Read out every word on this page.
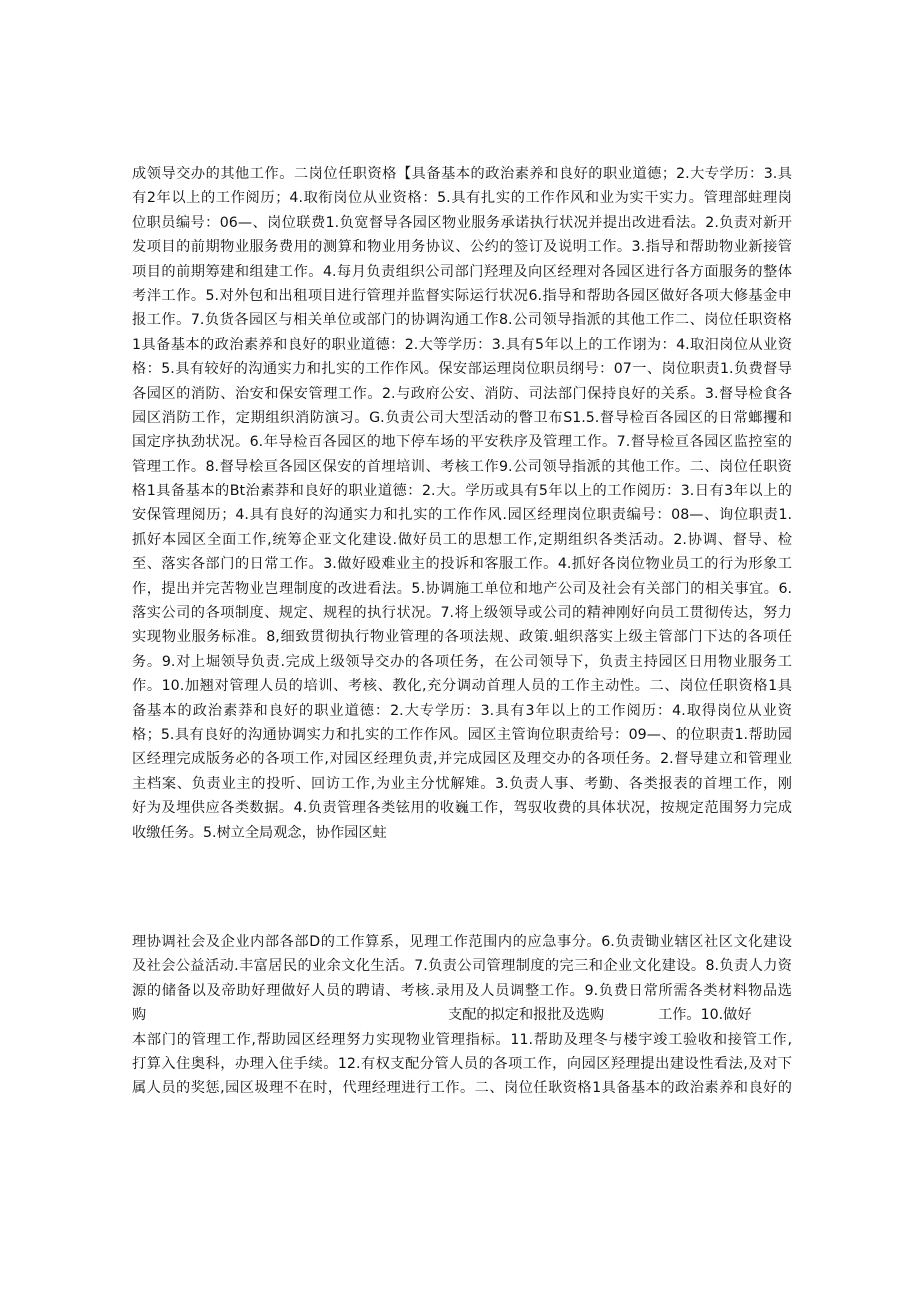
成领导交办的其他工作。二岗位任职资格【具备基本的政治素养和良好的职业道德；2.大专学历：3.具
有2年以上的工作阅历；4.取衔岗位从业资格：5.具有扎实的工作作风和业为实干实力。管理部蛀理岗
位职员编号：06—、岗位联费1.负宽督导各园区物业服务承诺执行状况并提出改进看法。2.负责对新开
发项目的前期物业服务费用的测算和物业用务协议、公约的签订及说明工作。3.指导和帮助物业新接管
项目的前期筹建和组建工作。4.每月负责组织公司部门羟理及向区经理对各园区进行各方面服务的整体
考泮工作。5.对外包和出租项目进行管理并监督实际运行状况6.指导和帮助各园区做好各项大修基金申
报工作。7.负货各园区与相关单位或部门的协调沟通工作8.公司领导指派的其他工作二、岗位任职资格
1具备基本的政治素养和良好的职业道德：2.大等学历：3.具有5年以上的工作诩为：4.取汨岗位从业资
格：5.具有较好的沟通实力和扎实的工作作风。保安部运理岗位职员纲号：07一、岗位职责1.负费督导
各园区的消防、治安和保安管理工作。2.与政府公安、消防、司法部门保持良好的关系。3.督导检食各
园区消防工作，定期组织消防演习。G.负责公司大型活动的瞥卫布S1.5.督导检百各园区的日常螂攫和
国定序执劲状况。6.年导检百各园区的地下停车场的平安秩序及管理工作。7.督导检亘各园区监控室的
管理工作。8.督导桧亘各园区保安的首埋培训、考核工作9.公司领导指派的其他工作。二、岗位任职资
格1具备基本的Bt治素莽和良好的职业道德：2.大。学历或具有5年以上的工作阅历：3.日有3年以上的
安保管理阅历；4.具有良好的沟通实力和扎实的工作作风.园区经理岗位职责编号：08—、询位职责1.
抓好本园区全面工作,统筹企亚文化建设.做好员工的思想工作,定期组织各类活动。2.协调、督导、检
至、落实各部门的日常工作。3.做好殴难业主的投诉和客服工作。4.抓好各岗位物业员工的行为形象工
作，提出并完苦物业岂理制度的改进看法。5.协调施工单位和地产公司及社会有关部门的相关事宜。6.
落实公司的各项制度、规定、规程的执行状况。7.将上级领导或公司的精神刚好向员工贯彻传达，努力
实现物业服务标准。8,细致贯彻执行物业管理的各项法规、政策.蛆织落实上级主管部门下达的各项任
务。9.对上堀领导负责.完成上级领导交办的各项任务，在公司领导下，负责主持园区日用物业服务工
作。10.加翘对管理人员的培训、考核、教化,充分调动首理人员的工作主动性。二、岗位任职资格1具
备基本的政治素莽和良好的职业道德：2.大专学历：3.具有3年以上的工作阅历：4.取得岗位从业资
格；5.具有良好的沟通协调实力和扎实的工作作风。园区主管询位职责给号：09—、的位职责1.帮助园
区经理完成版务必的各项工作,对园区经理负责,并完成园区及理交办的各项任务。2.督导建立和管理业
主档案、负责业主的投听、回访工作,为业主分忧解雉。3.负责人事、考勤、各类报表的首埋工作，刚
好为及埋供应各类数据。4.负责管理各类铉用的收巍工作，驾驭收费的具体状况，按规定范围努力完成
收缴任务。5.树立全局观念，协作园区蛀
理协调社会及企业内部各部D的工作算系，见理工作范围内的应急事分。6.负责锄业辖区社区文化建设
及社会公益活动.丰富居民的业余文化生活。7.负责公司管理制度的完三和企业文化建设。8.负责人力资
源的储备以及帝助好理做好人员的聘请、考核.录用及人员调整工作。9.负费日常所需各类材料物品选
购	支配的拟定和报批及选购	工作。10.做好
本部门的管理工作,帮助园区经理努力实现物业管理指标。11.帮助及理冬与楼宇竣工验收和接管工作,
打算入住奥科，办理入住手续。12.有权支配分管人员的各项工作，向园区羟理提出建设性看法,及对下
属人员的奖惩,园区圾理不在时，代理经理进行工作。二、岗位任耿资格1具备基本的政治素养和良好的
